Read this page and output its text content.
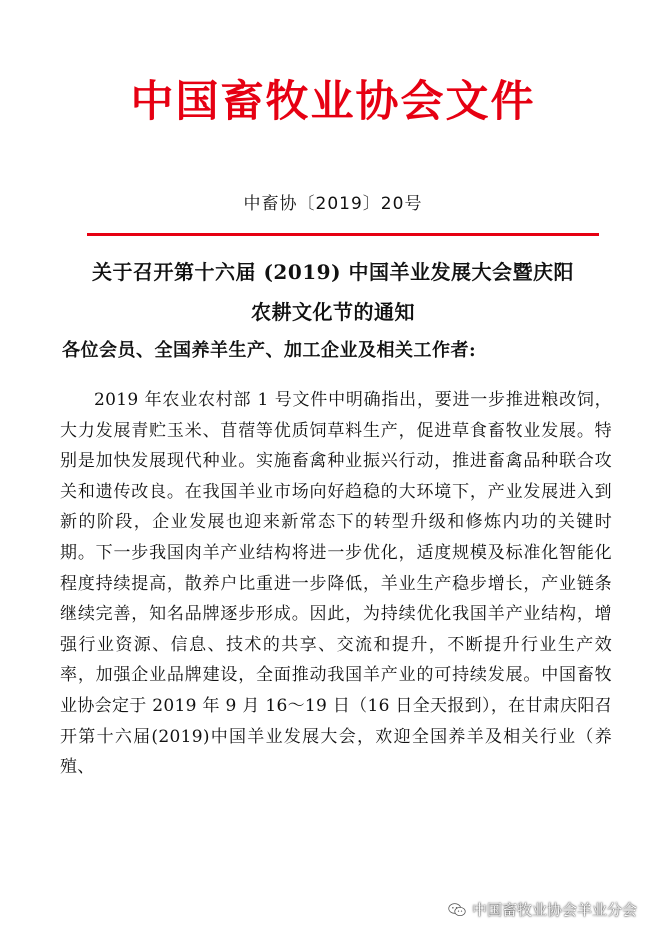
中国畜牧业协会文件
中畜协〔2019〕20号
关于召开第十六届 (2019) 中国羊业发展大会暨庆阳
农耕文化节的通知
各位会员、全国养羊生产、加工企业及相关工作者:
2019 年农业农村部 1 号文件中明确指出，要进一步推进粮改饲，大力发展青贮玉米、苜蓿等优质饲草料生产，促进草食畜牧业发展。特别是加快发展现代种业。实施畜禽种业振兴行动，推进畜禽品种联合攻关和遗传改良。在我国羊业市场向好趋稳的大环境下，产业发展进入到新的阶段，企业发展也迎来新常态下的转型升级和修炼内功的关键时期。下一步我国肉羊产业结构将进一步优化，适度规模及标准化智能化程度持续提高，散养户比重进一步降低，羊业生产稳步增长，产业链条继续完善，知名品牌逐步形成。因此，为持续优化我国羊产业结构，增强行业资源、信息、技术的共享、交流和提升，不断提升行业生产效率，加强企业品牌建设，全面推动我国羊产业的可持续发展。中国畜牧业协会定于 2019 年 9 月 16～19 日（16 日全天报到），在甘肃庆阳召开第十六届(2019)中国羊业发展大会，欢迎全国养羊及相关行业（养殖、
中国畜牧业协会羊业分会
